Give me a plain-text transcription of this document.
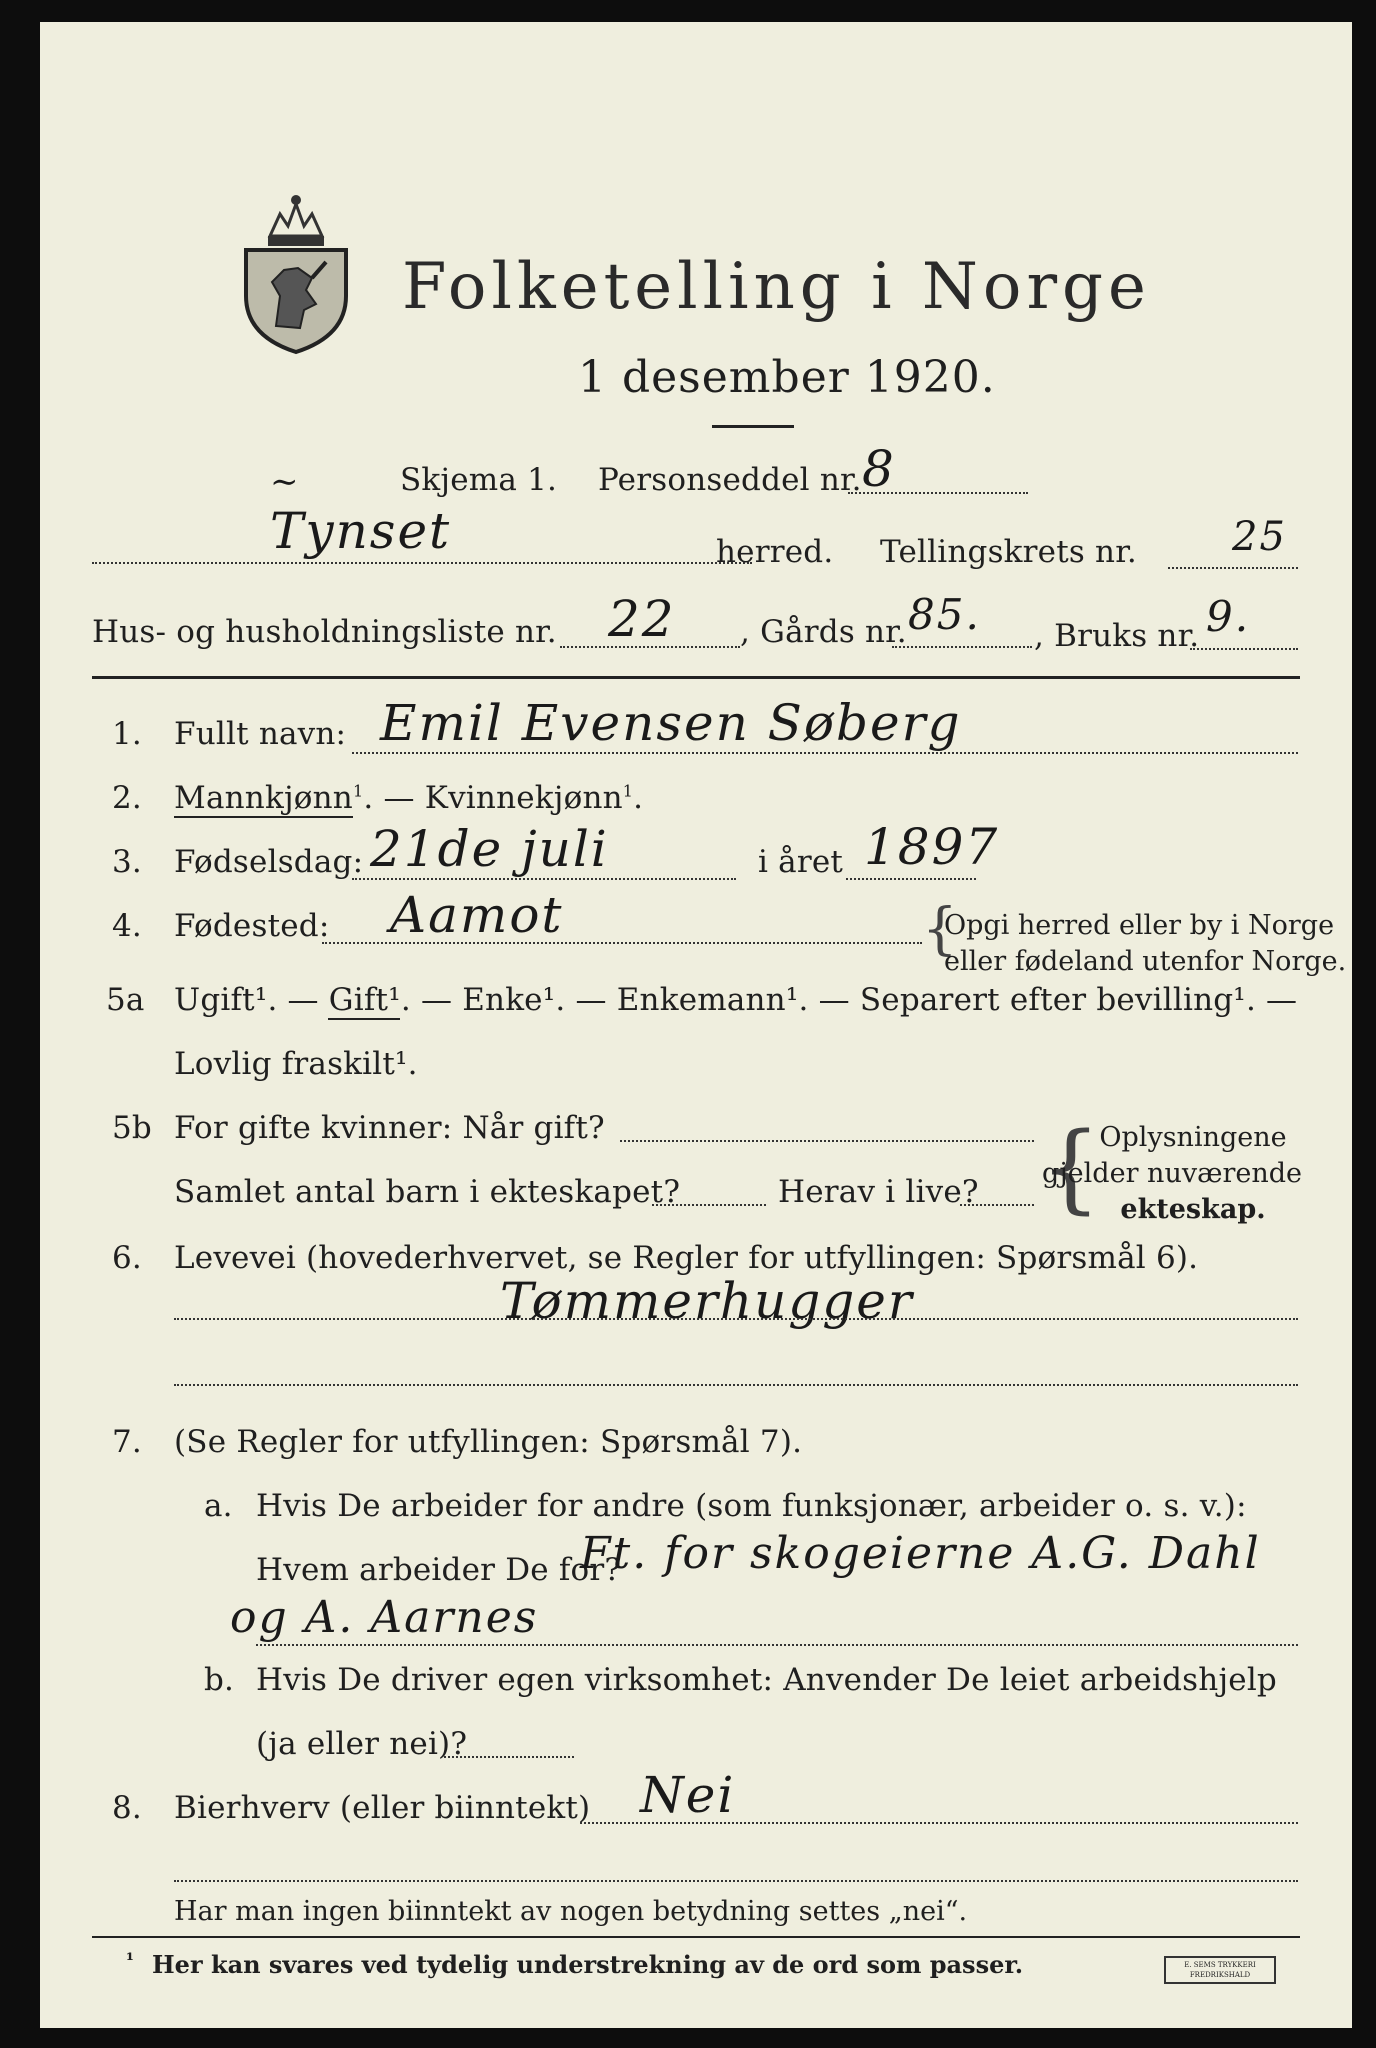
Folketelling i Norge
1 desember 1920.
∼	Skjema 1. Personseddel nr. 8
Tynset	herred. Tellingskrets nr. 25
Hus- og husholdningsliste nr. 22 , Gårds nr. 85. , Bruks nr. 9.
1. Fullt navn: Emil Evensen Søberg
2. Mannkjønn$^1$. — Kvinnekjønn$^1$.
3. Fødselsdag: 21de juli	i året 1897
4. Fødested: Aamot	{
Opgi herred eller by i Norge
eller fødeland utenfor Norge.
5a Ugift¹. — Gift¹. — Enke¹. — Enkemann¹. — Separert efter bevilling¹. —
Lovlig fraskilt¹.
5b For gifte kvinner: Når gift?
Samlet antal barn i ekteskapet?	Herav i live? {
Oplysningene
gjelder nuværende
ekteskap.
6. Levevei (hovederhvervet, se Regler for utfyllingen: Spørsmål 6).
Tømmerhugger
7. (Se Regler for utfyllingen: Spørsmål 7).
a. Hvis De arbeider for andre (som funksjonær, arbeider o. s. v.):
Hvem arbeider De for?
Ft. for skogeierne A.G. Dahl
og A. Aarnes
b. Hvis De driver egen virksomhet: Anvender De leiet arbeidshjelp
(ja eller nei)?
8. Bierhverv (eller biinntekt) Nei
Har man ingen biinntekt av nogen betydning settes „nei“.
¹ Her kan svares ved tydelig understrekning av de ord som passer.	E. SEMS TRYKKERI FREDRIKSHALD
